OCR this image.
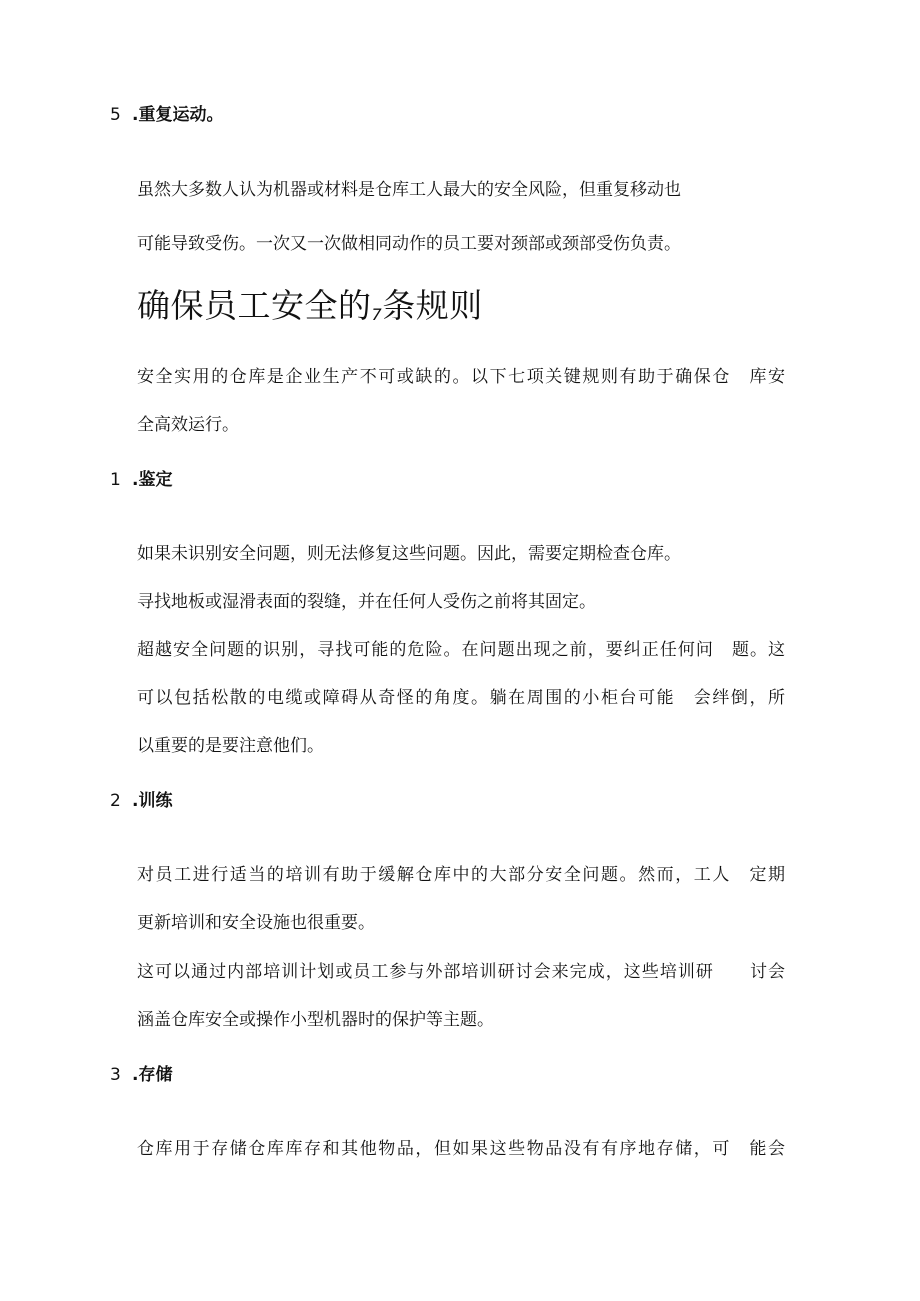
5 .重复运动。
虽然大多数人认为机器或材料是仓库工人最大的安全风险，但重复移动也
可能导致受伤。一次又一次做相同动作的员工要对颈部或颈部受伤负责。
确保员工安全的7条规则
安全实用的仓库是企业生产不可或缺的。以下七项关键规则有助于确保仓　库安
全高效运行。
1 .鉴定
如果未识别安全问题，则无法修复这些问题。因此，需要定期检查仓库。
寻找地板或湿滑表面的裂缝，并在任何人受伤之前将其固定。
超越安全问题的识别，寻找可能的危险。在问题出现之前，要纠正任何问　题。这
可以包括松散的电缆或障碍从奇怪的角度。躺在周围的小柜台可能　会绊倒，所
以重要的是要注意他们。
2 .训练
对员工进行适当的培训有助于缓解仓库中的大部分安全问题。然而，工人　定期
更新培训和安全设施也很重要。
这可以通过内部培训计划或员工参与外部培训研讨会来完成，这些培训研　　讨会
涵盖仓库安全或操作小型机器时的保护等主题。
3 .存储
仓库用于存储仓库库存和其他物品，但如果这些物品没有有序地存储，可　能会
